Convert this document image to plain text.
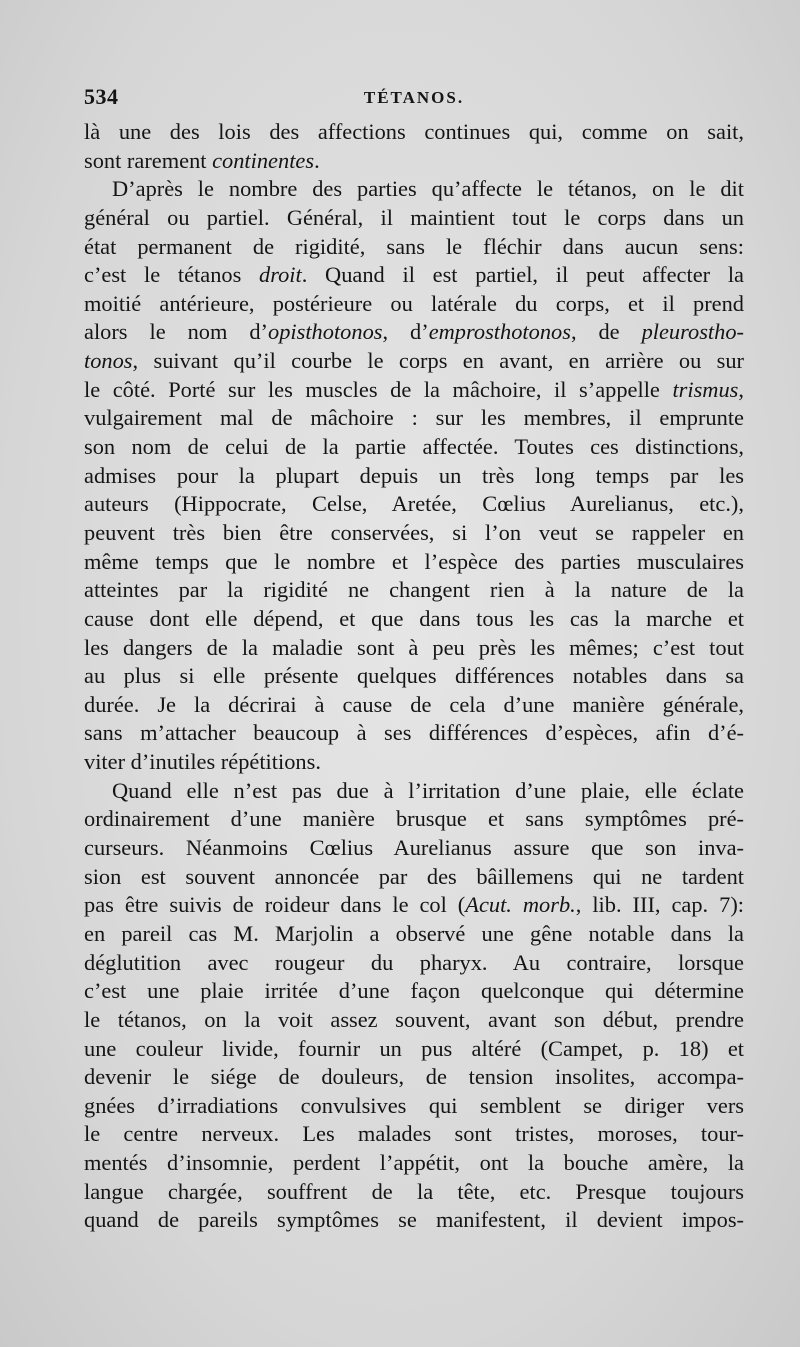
534	TÉTANOS.
là une des lois des affections continues qui, comme on sait,
sont rarement continentes.
D’après le nombre des parties qu’affecte le tétanos, on le dit
général ou partiel. Général, il maintient tout le corps dans un
état permanent de rigidité, sans le fléchir dans aucun sens:
c’est le tétanos droit. Quand il est partiel, il peut affecter la
moitié antérieure, postérieure ou latérale du corps, et il prend
alors le nom d’opisthotonos, d’emprosthotonos, de pleurostho-
tonos, suivant qu’il courbe le corps en avant, en arrière ou sur
le côté. Porté sur les muscles de la mâchoire, il s’appelle trismus,
vulgairement mal de mâchoire : sur les membres, il emprunte
son nom de celui de la partie affectée. Toutes ces distinctions,
admises pour la plupart depuis un très long temps par les
auteurs (Hippocrate, Celse, Aretée, Cœlius Aurelianus, etc.),
peuvent très bien être conservées, si l’on veut se rappeler en
même temps que le nombre et l’espèce des parties musculaires
atteintes par la rigidité ne changent rien à la nature de la
cause dont elle dépend, et que dans tous les cas la marche et
les dangers de la maladie sont à peu près les mêmes; c’est tout
au plus si elle présente quelques différences notables dans sa
durée. Je la décrirai à cause de cela d’une manière générale,
sans m’attacher beaucoup à ses différences d’espèces, afin d’é-
viter d’inutiles répétitions.
Quand elle n’est pas due à l’irritation d’une plaie, elle éclate
ordinairement d’une manière brusque et sans symptômes pré-
curseurs. Néanmoins Cœlius Aurelianus assure que son inva-
sion est souvent annoncée par des bâillemens qui ne tardent
pas être suivis de roideur dans le col (Acut. morb., lib. III, cap. 7):
en pareil cas M. Marjolin a observé une gêne notable dans la
déglutition avec rougeur du pharyx. Au contraire, lorsque
c’est une plaie irritée d’une façon quelconque qui détermine
le tétanos, on la voit assez souvent, avant son début, prendre
une couleur livide, fournir un pus altéré (Campet, p. 18) et
devenir le siége de douleurs, de tension insolites, accompa-
gnées d’irradiations convulsives qui semblent se diriger vers
le centre nerveux. Les malades sont tristes, moroses, tour-
mentés d’insomnie, perdent l’appétit, ont la bouche amère, la
langue chargée, souffrent de la tête, etc. Presque toujours
quand de pareils symptômes se manifestent, il devient impos-
